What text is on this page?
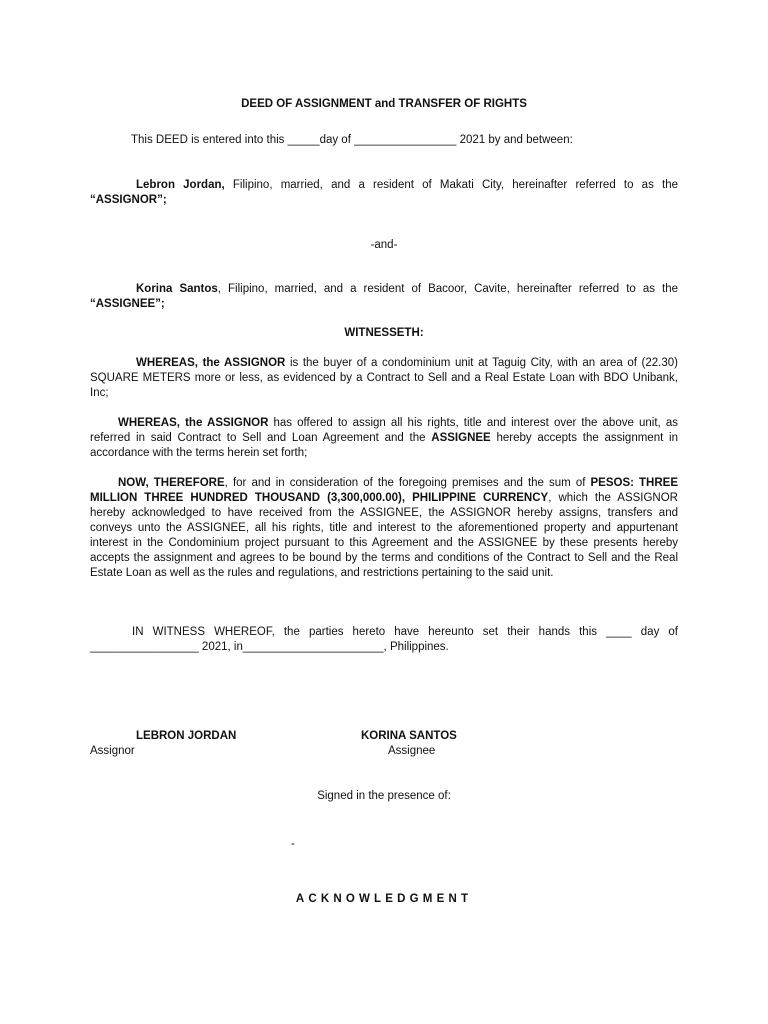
DEED OF ASSIGNMENT and TRANSFER OF RIGHTS
This DEED is entered into this _____day of ________________ 2021 by and between:
Lebron Jordan, Filipino, married, and a resident of Makati City, hereinafter referred to as the “ASSIGNOR”;
-and-
Korina Santos, Filipino, married, and a resident of Bacoor, Cavite, hereinafter referred to as the “ASSIGNEE”;
WITNESSETH:
WHEREAS, the ASSIGNOR is the buyer of a condominium unit at Taguig City, with an area of (22.30) SQUARE METERS more or less, as evidenced by a Contract to Sell and a Real Estate Loan with BDO Unibank, Inc;
WHEREAS, the ASSIGNOR has offered to assign all his rights, title and interest over the above unit, as referred in said Contract to Sell and Loan Agreement and the ASSIGNEE hereby accepts the assignment in accordance with the terms herein set forth;
NOW, THEREFORE, for and in consideration of the foregoing premises and the sum of PESOS: THREE MILLION THREE HUNDRED THOUSAND (3,300,000.00), PHILIPPINE CURRENCY, which the ASSIGNOR hereby acknowledged to have received from the ASSIGNEE, the ASSIGNOR hereby assigns, transfers and conveys unto the ASSIGNEE, all his rights, title and interest to the aforementioned property and appurtenant interest in the Condominium project pursuant to this Agreement and the ASSIGNEE by these presents hereby accepts the assignment and agrees to be bound by the terms and conditions of the Contract to Sell and the Real Estate Loan as well as the rules and regulations, and restrictions pertaining to the said unit.
IN WITNESS WHEREOF, the parties hereto have hereunto set their hands this ____ day of _________________ 2021, in______________________, Philippines.
LEBRON JORDAN
Assignor
KORINA SANTOS
Assignee
Signed in the presence of:
-
ACKNOWLEDGMENT
